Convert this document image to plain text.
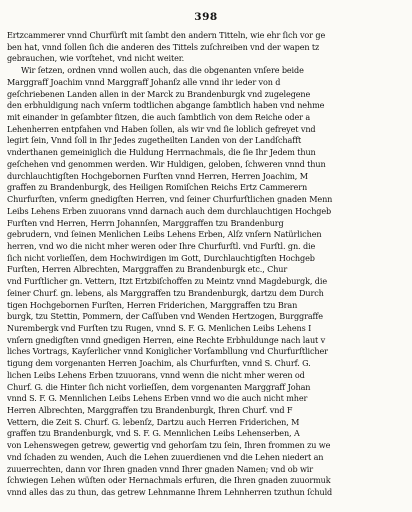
398
Ertzcammerer vnnd Churfürſt mit ſambt den andern Titteln, wie ehr ſich vor ge
ben hat, vnnd ſollen ſich die anderen des Tittels zuſchreiben vnd der wapen tz
gebrauchen, wie vorſtehet, vnd nicht weiter.
Wir ſetzen, ordnen vnnd wollen auch, das die obgenanten vnſere beide
Marggraff Joachim vnnd Marggraff Johanſz alle vnnd ihr ieder von d
geſchriebenen Landen allen in der Marck zu Brandenburgk vnd zugelegene
den erbhuldigung nach vnſerm todtlichen abgange ſambtlich haben vnd nehme
mit einander in geſambter ſitzen, die auch ſambtlich von dem Reiche oder a
Lehenherren entpfahen vnd Haben ſollen, als wir vnd ſie loblich gefreyet vnd
legirt ſein, Vnnd ſoll in Ihr Jedes zugetheilten Landen von der Landſchafft
vnderthanen gemeiniglich die Huldung Herrnachmals, die ſie Ihr Jedem thun
geſchehen vnd genommen werden. Wir Huldigen, geloben, ſchweren vnnd thun
durchlauchtigſten Hochgebornen Furſten vnnd Herren, Herren Joachim, M
graffen zu Brandenburgk, des Heiligen Romiſchen Reichs Ertz Cammerern
Churfurſten, vnſerm gnedigſten Herren, vnd ſeiner Churfurſtlichen gnaden Menn
Leibs Lehens Erben zuuorans vnnd darnach auch dem durchlauchtigen Hochgeb
Furſten vnd Herren, Herrn Johannſen, Marggraffen tzu Brandenburg
gebrudern, vnd ſeinen Menlichen Leibs Lehens Erben, Alſz vnſern Natürlichen
herren, vnd wo die nicht mher weren oder Ihre Churfurſtl. vnd Furſtl. gn. die
ſich nicht vorlieſſen, dem Hochwirdigen im Gott, Durchlauchtigſten Hochgeb
Furſten, Herren Albrechten, Marggraffen zu Brandenburgk etc., Chur
vnd Furſtlicher gn. Vettern, Itzt Ertzbiſchoffen zu Meintz vnnd Magdeburgk, die
ſeiner Churf. gn. lebens, als Marggraffen tzu Brandenburgk, dartzu dem Durch
tigen Hochgebornen Furſten, Herren Friderichen, Marggraffen tzu Bran
burgk, tzu Stettin, Pommern, der Caſſuben vnd Wenden Hertzogen, Burggraffe
Nurembergk vnd Furſten tzu Rugen, vnnd S. F. G. Menlichen Leibs Lehens I
vnſern gnedigſten vnnd gnedigen Herren, eine Rechte Erbhuldunge nach laut v
liches Vortrags, Kayſerlicher vnnd Koniglicher Vorſambllung vnd Churfurſtlicher
tigung dem vorgenanten Herren Joachim, als Churfurſten, vnnd S. Churf. G.
lichen Leibs Lehens Erben tzuuorans, vnnd wenn die nicht mher weren od
Churf. G. die Hinter ſich nicht vorlieſſen, dem vorgenanten Marggraff Johan
vnnd S. F. G. Mennlichen Leibs Lehens Erben vnnd wo die auch nicht mher
Herren Albrechten, Marggraffen tzu Brandenburgk, Ihren Churf. vnd F
Vettern, die Zeit S. Churf. G. lebenſz, Dartzu auch Herren Friderichen, M
graffen tzu Brandenburgk, vnd S. F. G. Mennlichen Leibs Lehenserben, A
von Lehenswegen getrew, gewertig vnd gehorſam tzu ſein, Ihren frommen zu we
vnd ſchaden zu wenden, Auch die Lehen zuuerdienen vnd die Lehen niedert an
zuuerrechten, dann vor Ihren gnaden vnnd Ihrer gnaden Namen; vnd ob wir
ſchwiegen Lehen wüſten oder Hernachmals erfuren, die Ihren gnaden zuuormuk
vnnd alles das zu thun, das getrew Lehnmanne Ihrem Lehnherren tzuthun ſchuld
